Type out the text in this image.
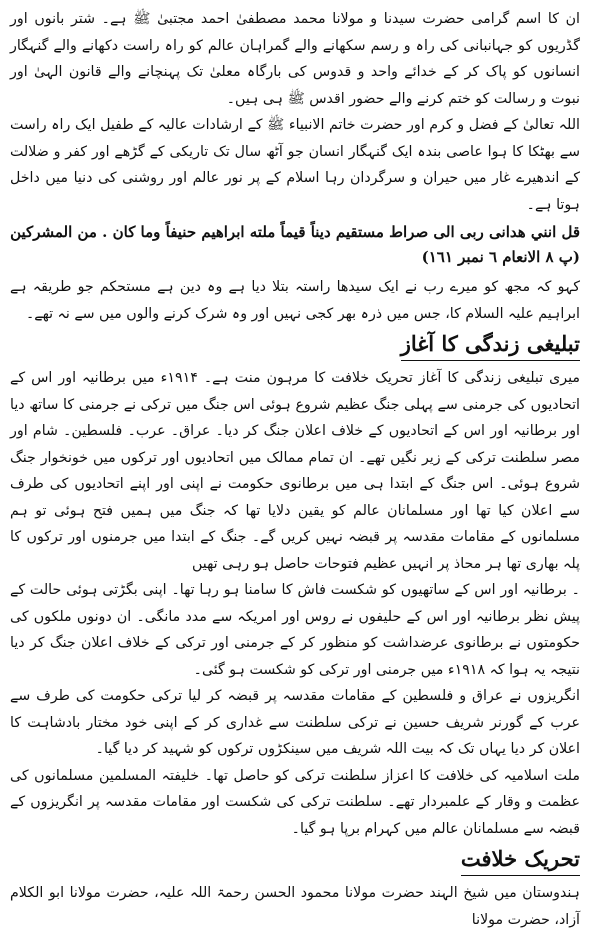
ان کا اسم گرامی حضرت سیدنا و مولانا محمد مصطفیٰ احمد مجتبیٰ ﷺ ہے۔ شتر بانوں اور گڈریوں کو جہانبانی کی راہ و رسم سکھانے والے گمراہان عالم کو راہ راست دکھانے والے گنہگار انسانوں کو پاک کر کے خدائے واحد و قدوس کی بارگاہ معلیٰ تک پہنچانے والے قانون الہیٰ اور نبوت و رسالت کو ختم کرنے والے حضور اقدس ﷺ ہی ہیں۔

اللہ تعالیٰ کے فضل و کرم اور حضرت خاتم الانبیاء ﷺ کے ارشادات عالیہ کے طفیل ایک راہ راست سے بھٹکا کا ہوا عاصی بندہ ایک گنہگار انسان جو آٹھ سال تک تاریکی کے گڑھے اور کفر و ضلالت کے اندھیرے غار میں حیران و سرگردان رہا اسلام کے پر نور عالم اور روشنی کی دنیا میں داخل ہوتا ہے۔

قل انني هدانى ربى الى صراط مستقيم ديناً قيماً ملته ابراهيم حنيفاً وما كان . من المشركين (پ ٨ الانعام ٦ نمبر ١٦١)

کہو کہ مجھ کو میرے رب نے ایک سیدھا راستہ بتلا دیا ہے وہ دین ہے مستحکم جو طریقہ ہے ابراہیم علیہ السلام کا، جس میں ذرہ بھر کجی نہیں اور وہ شرک کرنے والوں میں سے نہ تھے۔

تبلیغی زندگی کا آغاز

میری تبلیغی زندگی کا آغاز تحریک خلافت کا مرہون منت ہے۔ ۱۹۱۴ء میں برطانیہ اور اس کے اتحادیوں کی جرمنی سے پہلی جنگ عظیم شروع ہوئی اس جنگ میں ترکی نے جرمنی کا ساتھ دیا اور برطانیہ اور اس کے اتحادیوں کے خلاف اعلان جنگ کر دیا۔ عراق۔ عرب۔ فلسطین۔ شام اور مصر سلطنت ترکی کے زیر نگیں تھے۔ ان تمام ممالک میں اتحادیوں اور ترکوں میں خونخوار جنگ شروع ہوئی۔ اس جنگ کے ابتدا ہی میں برطانوی حکومت نے اپنی اور اپنے اتحادیوں کی طرف سے اعلان کیا تھا اور مسلمانان عالم کو یقین دلایا تھا کہ جنگ میں ہمیں فتح ہوئی تو ہم مسلمانوں کے مقامات مقدسہ پر قبضہ نہیں کریں گے۔ جنگ کے ابتدا میں جرمنوں اور ترکوں کا پلہ بھاری تھا ہر محاذ پر انہیں عظیم فتوحات حاصل ہو رہی تھیں

۔ برطانیہ اور اس کے ساتھیوں کو شکست فاش کا سامنا ہو رہا تھا۔ اپنی بگڑتی ہوئی حالت کے پیش نظر برطانیہ اور اس کے حلیفوں نے روس اور امریکہ سے مدد مانگی۔ ان دونوں ملکوں کی حکومتوں نے برطانوی عرضداشت کو منظور کر کے جرمنی اور ترکی کے خلاف اعلان جنگ کر دیا نتیجہ یہ ہوا کہ ۱۹۱۸ء میں جرمنی اور ترکی کو شکست ہو گئی۔

انگریزوں نے عراق و فلسطین کے مقامات مقدسہ پر قبضہ کر لیا ترکی حکومت کی طرف سے عرب کے گورنر شریف حسین نے ترکی سلطنت سے غداری کر کے اپنی خود مختار بادشاہت کا اعلان کر دیا یہاں تک کہ بیت اللہ شریف میں سینکڑوں ترکوں کو شہید کر دیا گیا۔

ملت اسلامیہ کی خلافت کا اعزاز سلطنت ترکی کو حاصل تھا۔ خلیفتہ المسلمین مسلمانوں کی عظمت و وقار کے علمبردار تھے۔ سلطنت ترکی کی شکست اور مقامات مقدسہ پر انگریزوں کے قبضہ سے مسلمانان عالم میں کہرام برپا ہو گیا۔

تحریک خلافت

ہندوستان میں شیخ الہند حضرت مولانا محمود الحسن رحمۃ اللہ علیہ، حضرت مولانا ابو الکلام آزاد، حضرت مولانا
